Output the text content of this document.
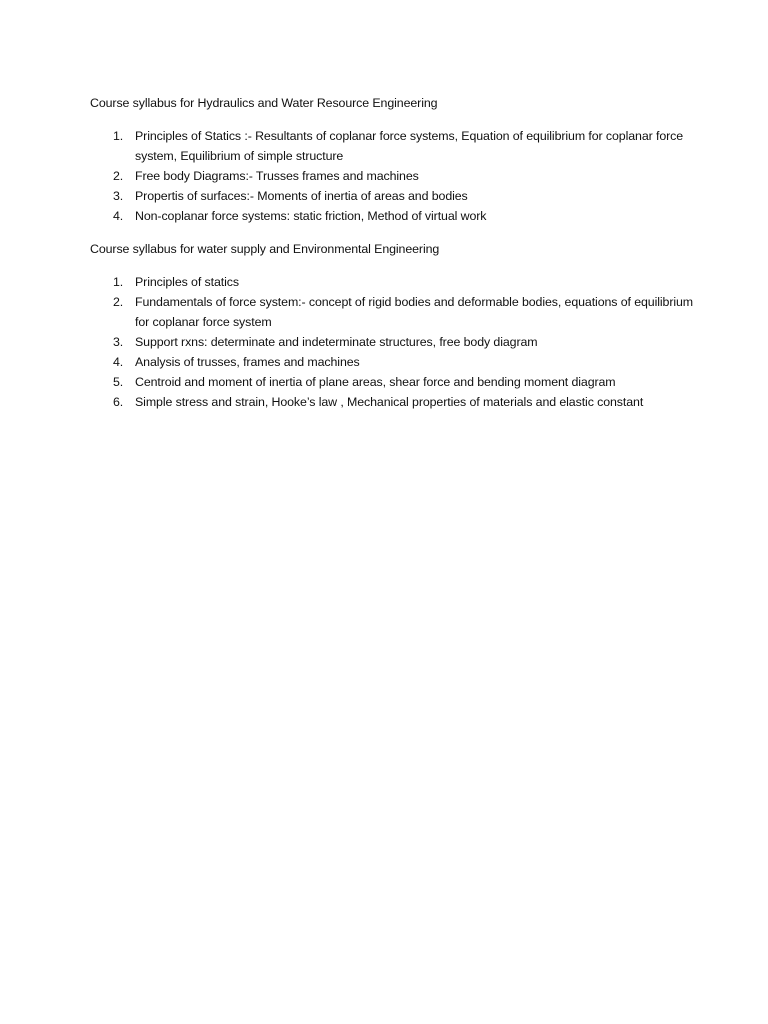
Course syllabus for Hydraulics and Water Resource Engineering

1. Principles of Statics :- Resultants of coplanar force systems, Equation of equilibrium for coplanar force system, Equilibrium of simple structure
2. Free body Diagrams:- Trusses frames and machines
3. Propertis of surfaces:- Moments of inertia of areas and bodies
4. Non-coplanar force systems: static friction, Method of virtual work

Course syllabus for water supply and Environmental Engineering

1. Principles of statics
2. Fundamentals of force system:- concept of rigid bodies and deformable bodies, equations of equilibrium for coplanar force system
3. Support rxns: determinate and indeterminate structures, free body diagram
4. Analysis of trusses, frames and machines
5. Centroid and moment of inertia of plane areas, shear force and bending moment diagram
6. Simple stress and strain, Hooke’s law , Mechanical properties of materials and elastic constant
